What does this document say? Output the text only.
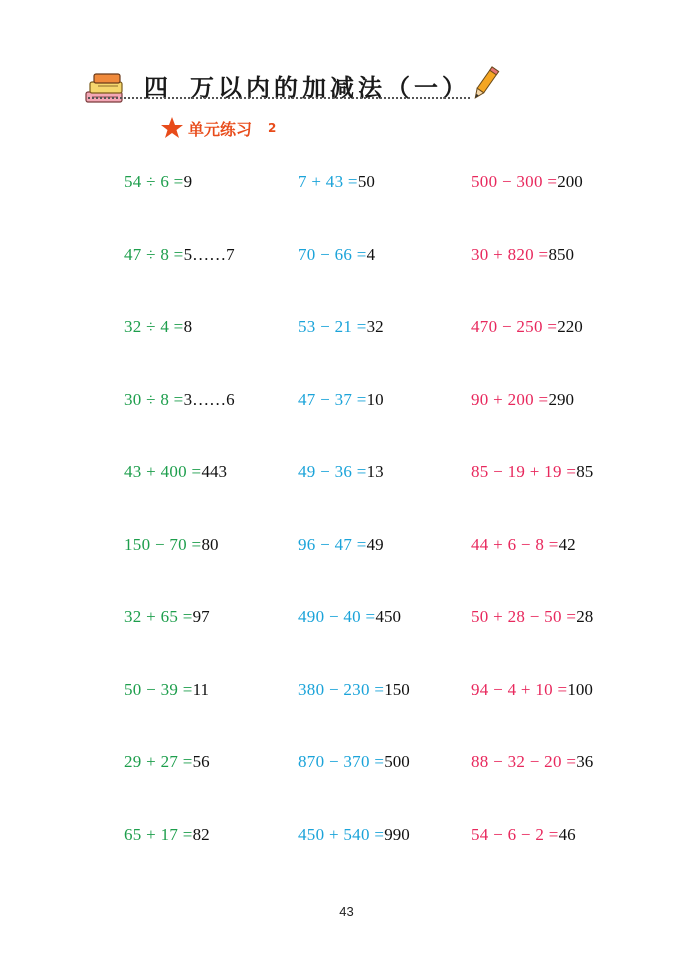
四 万以内的加减法（一）
单元练习 2
54 ÷ 6 =9	7 + 43 =50	500 − 300 =200
47 ÷ 8 =5……7	70 − 66 =4	30 + 820 =850
32 ÷ 4 =8	53 − 21 =32	470 − 250 =220
30 ÷ 8 =3……6	47 − 37 =10	90 + 200 =290
43 + 400 =443	49 − 36 =13	85 − 19 + 19 =85
150 − 70 =80	96 − 47 =49	44 + 6 − 8 =42
32 + 65 =97	490 − 40 =450	50 + 28 − 50 =28
50 − 39 =11	380 − 230 =150	94 − 4 + 10 =100
29 + 27 =56	870 − 370 =500	88 − 32 − 20 =36
65 + 17 =82	450 + 540 =990	54 − 6 − 2 =46
43
